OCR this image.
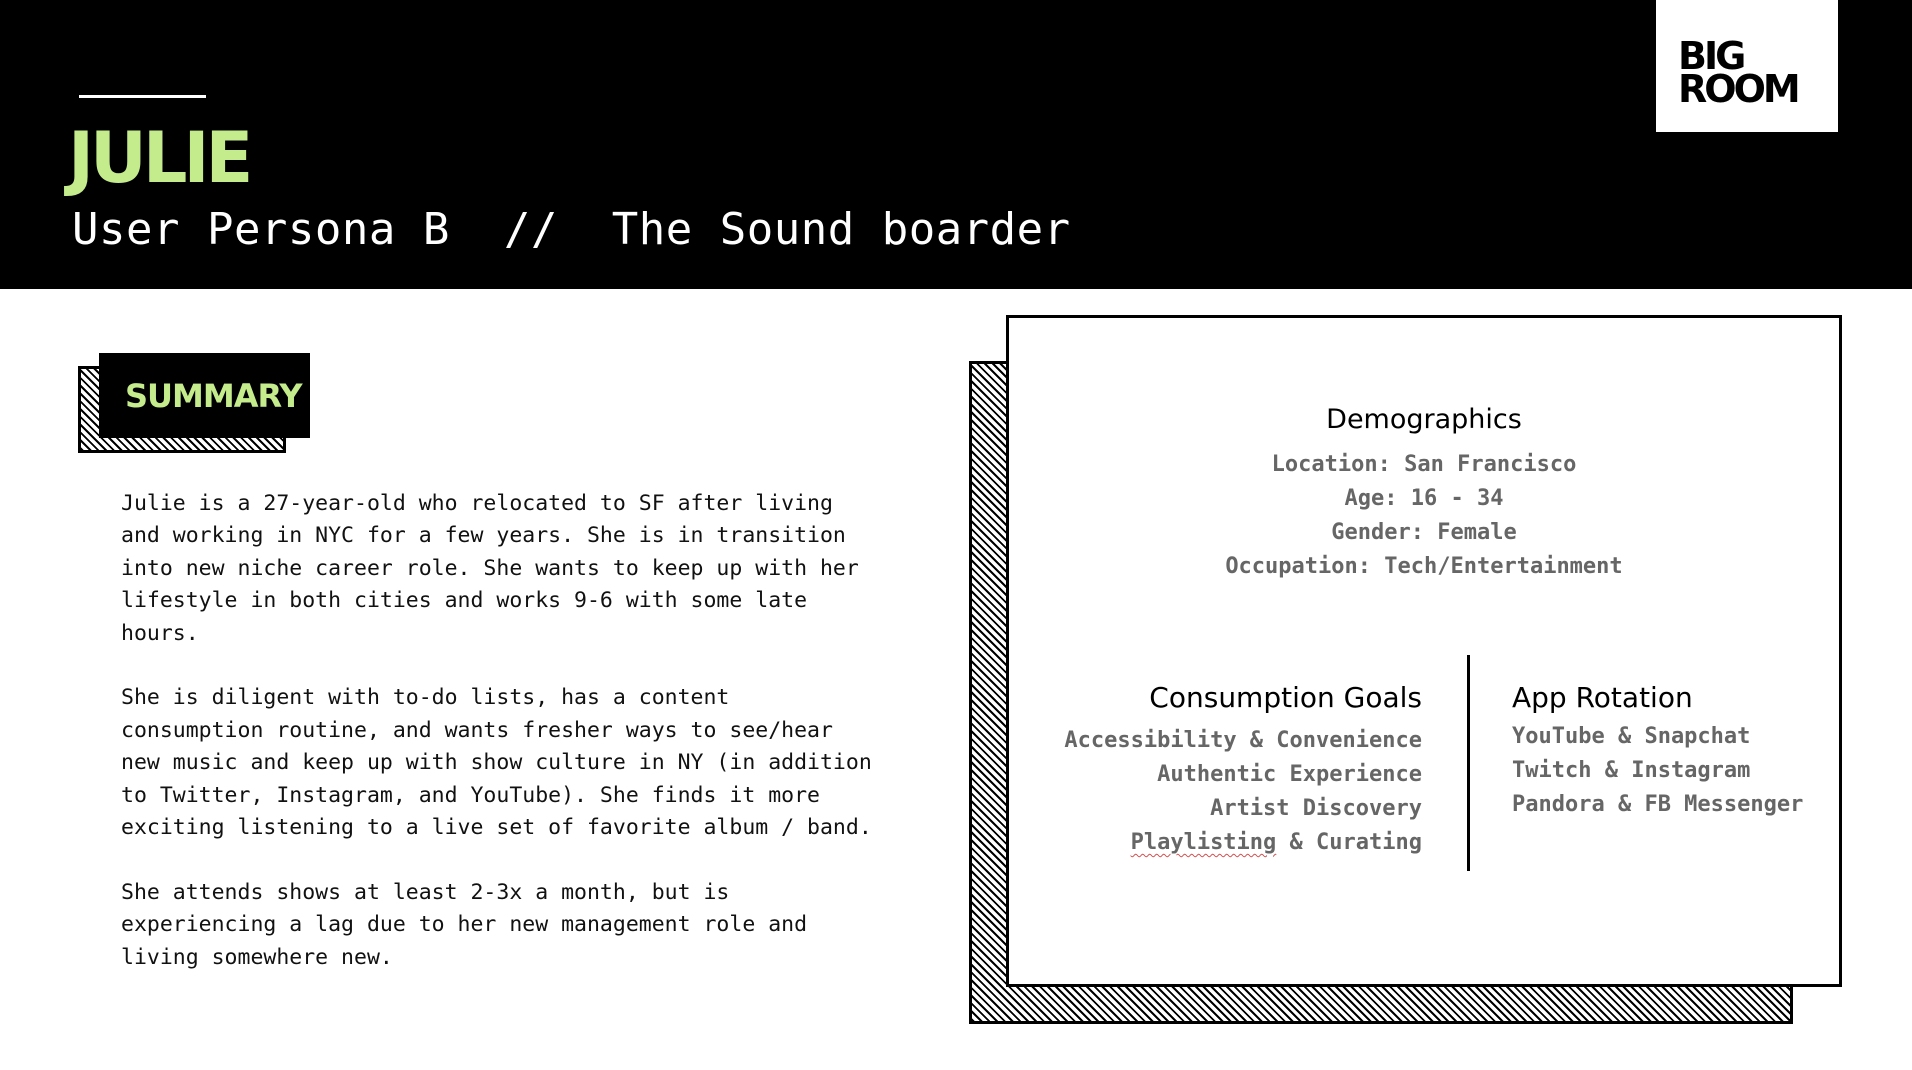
JULIE
User Persona B  //  The Sound boarder
BIG
ROOM
SUMMARY

Julie is a 27-year-old who relocated to SF after living and working in NYC for a few years. She is in transition into new niche career role. She wants to keep up with her lifestyle in both cities and works 9-6 with some late hours.

She is diligent with to-do lists, has a content consumption routine, and wants fresher ways to see/hear new music and keep up with show culture in NY (in addition to Twitter, Instagram, and YouTube). She finds it more exciting listening to a live set of favorite album / band.

She attends shows at least 2-3x a month, but is experiencing a lag due to her new management role and living somewhere new.

Demographics
Location: San Francisco
Age: 16 - 34
Gender: Female
Occupation: Tech/Entertainment
Consumption Goals
Accessibility & Convenience
Authentic Experience
Artist Discovery
Playlisting & Curating
App Rotation
YouTube & Snapchat
Twitch & Instagram
Pandora & FB Messenger
